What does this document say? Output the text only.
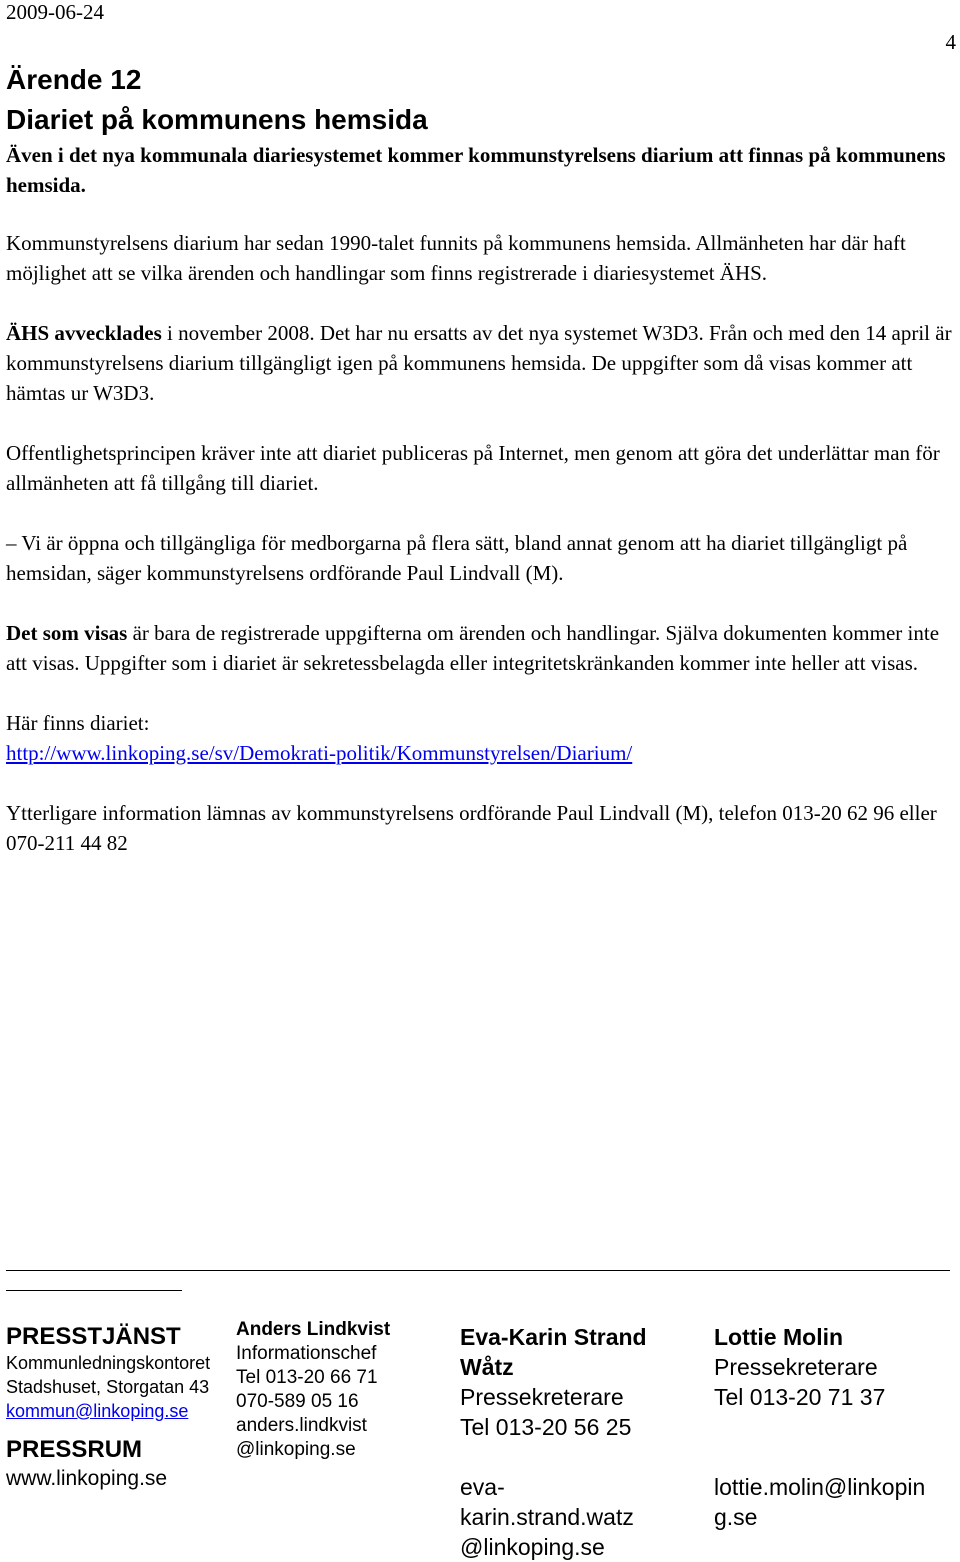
2009-06-24
4
Ärende 12
Diariet på kommunens hemsida
Även i det nya kommunala diariesystemet kommer kommunstyrelsens diarium att finnas på kommunens hemsida.

Kommunstyrelsens diarium har sedan 1990-talet funnits på kommunens hemsida. Allmänheten har där haft möjlighet att se vilka ärenden och handlingar som finns registrerade i diariesystemet ÄHS.

ÄHS avvecklades i november 2008. Det har nu ersatts av det nya systemet W3D3. Från och med den 14 april är kommunstyrelsens diarium tillgängligt igen på kommunens hemsida. De uppgifter som då visas kommer att hämtas ur W3D3.

Offentlighetsprincipen kräver inte att diariet publiceras på Internet, men genom att göra det underlättar man för allmänheten att få tillgång till diariet.

– Vi är öppna och tillgängliga för medborgarna på flera sätt, bland annat genom att ha diariet tillgängligt på hemsidan, säger kommunstyrelsens ordförande Paul Lindvall (M).

Det som visas är bara de registrerade uppgifterna om ärenden och handlingar. Själva dokumenten kommer inte att visas. Uppgifter som i diariet är sekretessbelagda eller integritetskränkanden kommer inte heller att visas.

Här finns diariet:
http://www.linkoping.se/sv/Demokrati-politik/Kommunstyrelsen/Diarium/

Ytterligare information lämnas av kommunstyrelsens ordförande Paul Lindvall (M), telefon 013-20 62 96 eller 070-211 44 82

PRESSTJÄNST
Kommunledningskontoret
Stadshuset, Storgatan 43
kommun@linkoping.se
PRESSRUM
www.linkoping.se
Anders Lindkvist
Informationschef
Tel 013-20 66 71
070-589 05 16
anders.lindkvist
@linkoping.se
Eva-Karin Strand
Wåtz
Pressekreterare
Tel 013-20 56 25
eva-
karin.strand.watz
@linkoping.se
Lottie Molin
Pressekreterare
Tel 013-20 71 37
lottie.molin@linkopin
g.se
